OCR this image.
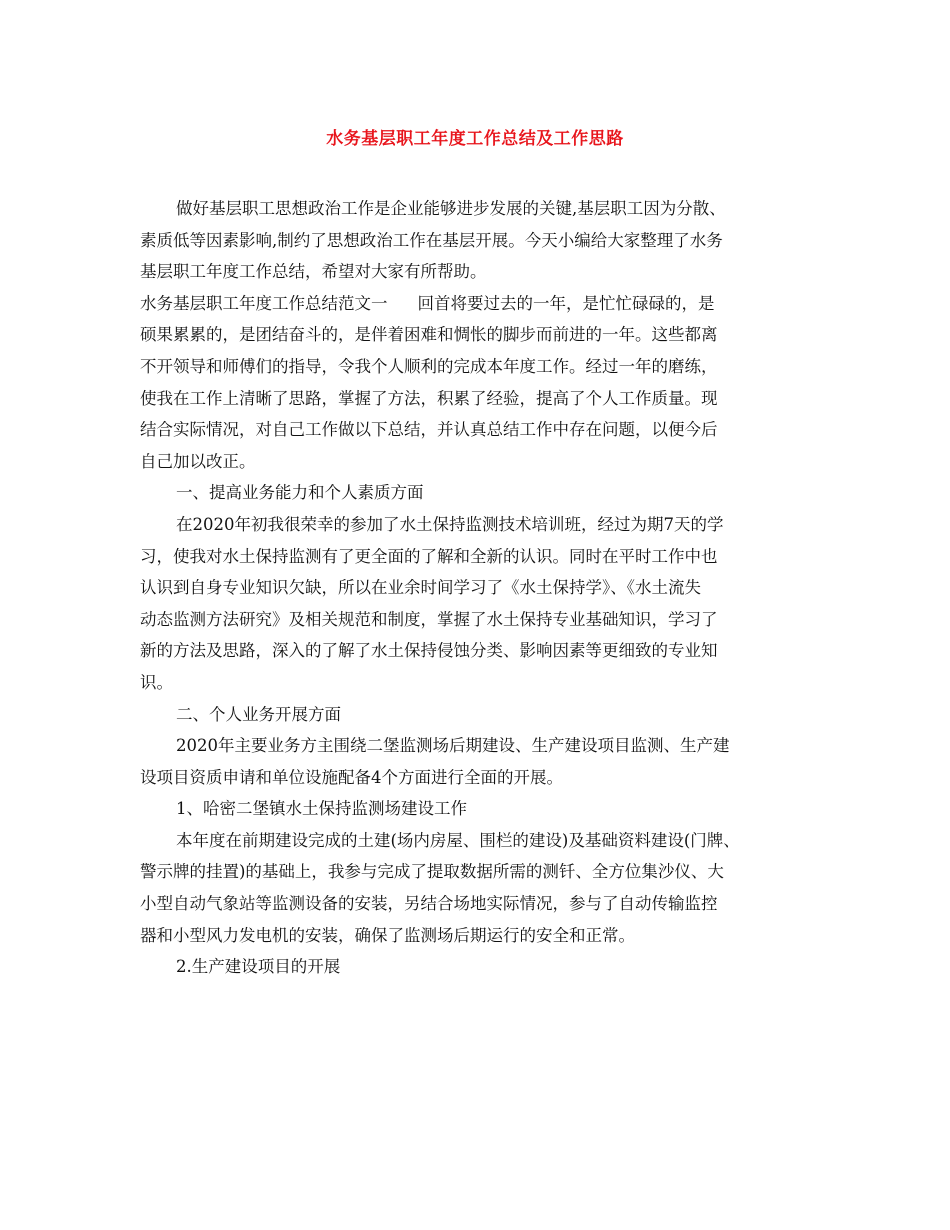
水务基层职工年度工作总结及工作思路
做好基层职工思想政治工作是企业能够进步发展的关键,基层职工因为分散、
素质低等因素影响,制约了思想政治工作在基层开展。今天小编给大家整理了水务
基层职工年度工作总结，希望对大家有所帮助。
水务基层职工年度工作总结范文一 回首将要过去的一年，是忙忙碌碌的，是
硕果累累的，是团结奋斗的，是伴着困难和惆怅的脚步而前进的一年。这些都离
不开领导和师傅们的指导，令我个人顺利的完成本年度工作。经过一年的磨练，
使我在工作上清晰了思路，掌握了方法，积累了经验，提高了个人工作质量。现
结合实际情况，对自己工作做以下总结，并认真总结工作中存在问题，以便今后
自己加以改正。
一、提高业务能力和个人素质方面
在2020年初我很荣幸的参加了水土保持监测技术培训班，经过为期7天的学
习，使我对水土保持监测有了更全面的了解和全新的认识。同时在平时工作中也
认识到自身专业知识欠缺，所以在业余时间学习了《水土保持学》、《水土流失
动态监测方法研究》及相关规范和制度，掌握了水土保持专业基础知识，学习了
新的方法及思路，深入的了解了水土保持侵蚀分类、影响因素等更细致的专业知
识。
二、个人业务开展方面
2020年主要业务方主围绕二堡监测场后期建设、生产建设项目监测、生产建
设项目资质申请和单位设施配备4个方面进行全面的开展。
1、哈密二堡镇水土保持监测场建设工作
本年度在前期建设完成的土建(场内房屋、围栏的建设)及基础资料建设(门牌、
警示牌的挂置)的基础上，我参与完成了提取数据所需的测钎、全方位集沙仪、大
小型自动气象站等监测设备的安装，另结合场地实际情况，参与了自动传输监控
器和小型风力发电机的安装，确保了监测场后期运行的安全和正常。
2.生产建设项目的开展
